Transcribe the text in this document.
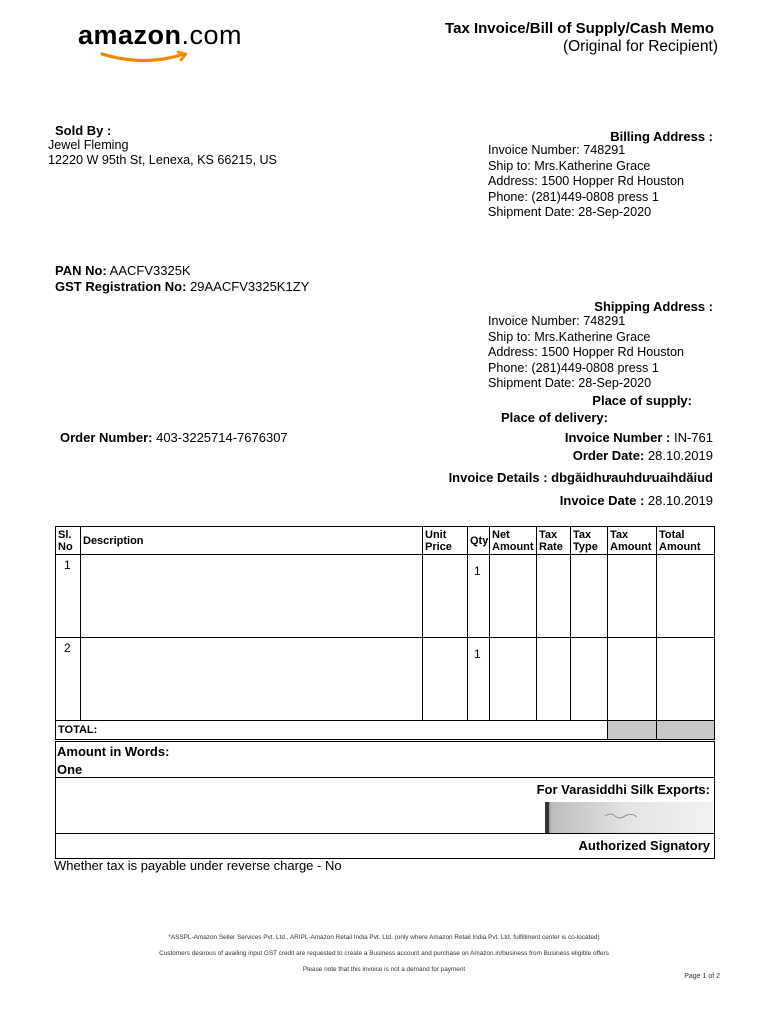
amazon.com	Tax Invoice/Bill of Supply/Cash Memo
(Original for Recipient)
Sold By :
Jewel Fleming
12220 W 95th St, Lenexa, KS 66215, US
Billing Address :
Invoice Number: 748291
Ship to: Mrs.Katherine Grace
Address: 1500 Hopper Rd Houston
Phone: (281)449-0808 press 1
Shipment Date: 28-Sep-2020
PAN No: AACFV3325K
GST Registration No: 29AACFV3325K1ZY
Shipping Address :
Invoice Number: 748291
Ship to: Mrs.Katherine Grace
Address: 1500 Hopper Rd Houston
Phone: (281)449-0808 press 1
Shipment Date: 28-Sep-2020
Place of supply:
Place of delivery:
Order Number: 403-3225714-7676307	Invoice Number : IN-761
Order Date: 28.10.2019
Invoice Details : dbgăidhưauhdưuaihdăiud
Invoice Date : 28.10.2019
Sl. No	Description	Unit Price	Qty	Net Amount	Tax Rate	Tax Type	Tax Amount	Total Amount
1			1					
2			1					
TOTAL:								
Amount in Words:
One
For Varasiddhi Silk Exports:
Authorized Signatory
Whether tax is payable under reverse charge - No
*ASSPL-Amazon Seller Services Pvt. Ltd., ARIPL-Amazon Retail India Pvt. Ltd. (only where Amazon Retail India Pvt. Ltd. fulfillment center is co-located)
Customers desirous of availing input GST credit are requested to create a Business account and purchase on Amazon.in/business from Business eligible offers
Please note that this invoice is not a demand for payment
Page 1 of 2
